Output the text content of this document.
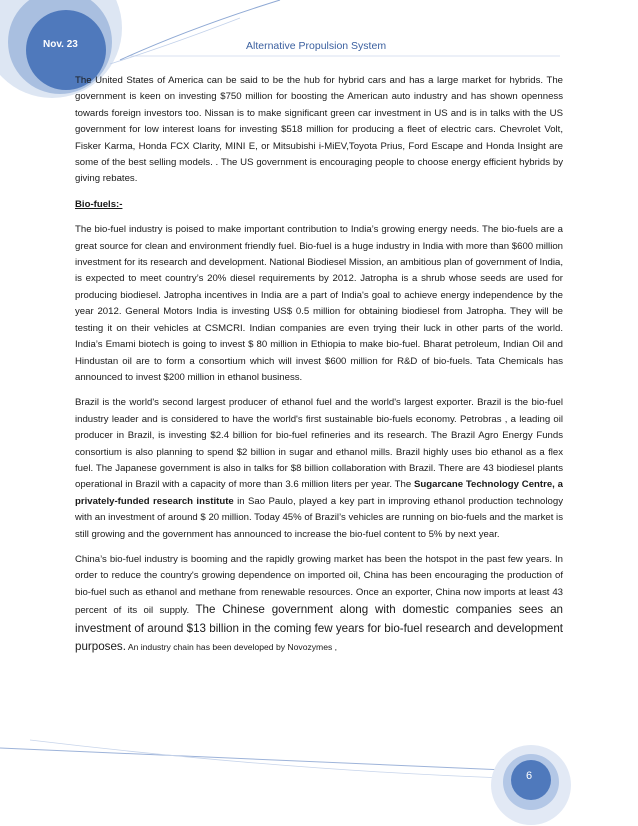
Nov. 23	Alternative Propulsion System

The United States of America can be said to be the hub for hybrid cars and has a large market for hybrids. The government is keen on investing $750 million for boosting the American auto industry and has shown openness towards foreign investors too. Nissan is to make significant green car investment in US and is in talks with the US government for low interest loans for investing $518 million for producing a fleet of electric cars. Chevrolet Volt, Fisker Karma, Honda FCX Clarity, MINI E, or Mitsubishi i-MiEV,Toyota Prius, Ford Escape and Honda Insight are some of the best selling models. . The US government is encouraging people to choose energy efficient hybrids by giving rebates.

Bio-fuels:-

The bio-fuel industry is poised to make important contribution to India’s growing energy needs. The bio-fuels are a great source for clean and environment friendly fuel. Bio-fuel is a huge industry in India with more than $600 million investment for its research and development. National Biodiesel Mission, an ambitious plan of government of India, is expected to meet country’s 20% diesel requirements by 2012. Jatropha is a shrub whose seeds are used for producing biodiesel. Jatropha incentives in India are a part of India's goal to achieve energy independence by the year 2012. General Motors India is investing US$ 0.5 million for obtaining biodiesel from Jatropha. They will be testing it on their vehicles at CSMCRI. Indian companies are even trying their luck in other parts of the world. India’s Emami biotech is going to invest $ 80 million in Ethiopia to make bio-fuel. Bharat petroleum, Indian Oil and Hindustan oil are to form a consortium which will invest $600 million for R&D of bio-fuels. Tata Chemicals has announced to invest $200 million in ethanol business.

Brazil is the world's second largest producer of ethanol fuel and the world's largest exporter. Brazil is the bio-fuel industry leader and is considered to have the world's first sustainable bio-fuels economy. Petrobras , a leading oil producer in Brazil, is investing $2.4 billion for bio-fuel refineries and its research. The Brazil Agro Energy Funds consortium is also planning to spend $2 billion in sugar and ethanol mills. Brazil highly uses bio ethanol as a flex fuel. The Japanese government is also in talks for $8 billion collaboration with Brazil. There are 43 biodiesel plants operational in Brazil with a capacity of more than 3.6 million liters per year. The Sugarcane Technology Centre, a privately-funded research institute in Sao Paulo, played a key part in improving ethanol production technology with an investment of around $ 20 million. Today 45% of Brazil’s vehicles are running on bio-fuels and the market is still growing and the government has announced to increase the bio-fuel content to 5% by next year.

China’s bio-fuel industry is booming and the rapidly growing market has been the hotspot in the past few years. In order to reduce the country's growing dependence on imported oil, China has been encouraging the production of bio-fuel such as ethanol and methane from renewable resources. Once an exporter, China now imports at least 43 percent of its oil supply. The Chinese government along with domestic companies sees an investment of around $13 billion in the coming few years for bio-fuel research and development purposes. An industry chain has been developed by Novozymes ,

6
